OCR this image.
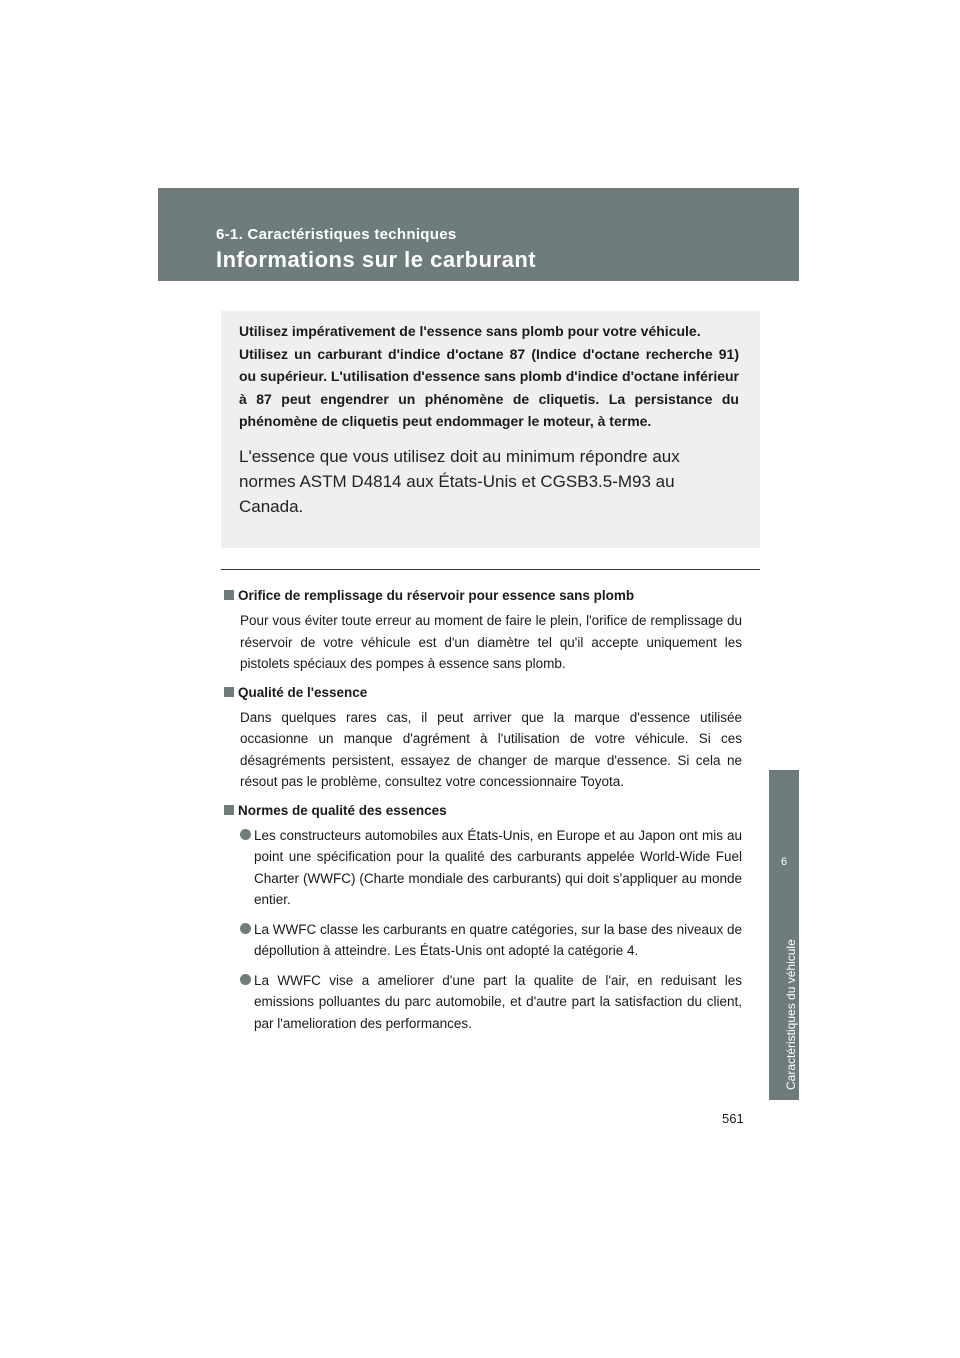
6-1. Caractéristiques techniques
Informations sur le carburant

Utilisez impérativement de l'essence sans plomb pour votre véhicule.

Utilisez un carburant d'indice d'octane 87 (Indice d'octane recherche 91) ou supérieur. L'utilisation d'essence sans plomb d'indice d'octane inférieur à 87 peut engendrer un phénomène de cliquetis. La persistance du phénomène de cliquetis peut endommager le moteur, à terme.

L'essence que vous utilisez doit au minimum répondre aux normes ASTM D4814 aux États-Unis et CGSB3.5-M93 au Canada.

Orifice de remplissage du réservoir pour essence sans plomb

Pour vous éviter toute erreur au moment de faire le plein, l'orifice de remplissage du réservoir de votre véhicule est d'un diamètre tel qu'il accepte uniquement les pistolets spéciaux des pompes à essence sans plomb.

Qualité de l'essence

Dans quelques rares cas, il peut arriver que la marque d'essence utilisée occasionne un manque d'agrément à l'utilisation de votre véhicule. Si ces désagréments persistent, essayez de changer de marque d'essence. Si cela ne résout pas le problème, consultez votre concessionnaire Toyota.

Normes de qualité des essences

Les constructeurs automobiles aux États-Unis, en Europe et au Japon ont mis au point une spécification pour la qualité des carburants appelée World-Wide Fuel Charter (WWFC) (Charte mondiale des carburants) qui doit s'appliquer au monde entier.

La WWFC classe les carburants en quatre catégories, sur la base des niveaux de dépollution à atteindre. Les États-Unis ont adopté la catégorie 4.

La WWFC vise a ameliorer d'une part la qualite de l'air, en reduisant les emissions polluantes du parc automobile, et d'autre part la satisfaction du client, par l'amelioration des performances.

6
Caractéristiques du véhicule
561
